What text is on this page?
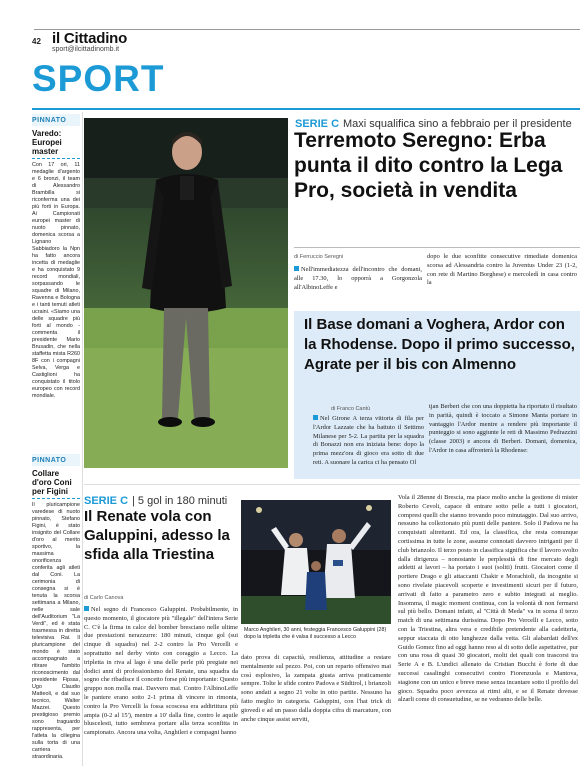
42 il Cittadino
sport@ilcittadinomb.it
SPORT
PINNATO
Varedo: Europei master
Con 17 ori, 11 medaglie d'argento e 6 bronzi, il team di Alessandro Brambilla si riconferma una dei più forti in Europa. Ai Campionati europei master di nuoto pinnato, domenica scorsa a Lignano Sabbiadoro la Npn ha fatto ancora incetta di medaglie e ha conquistato 9 record mondiali, sorpassando le squadre di Milano, Ravenna e Bologna e i tanti temuti atleti ucraini. «Siamo una delle squadre più forti al mondo - commenta il presidente Mario Brusadin, che nella staffetta mista R260 8F con i compagni Selva, Verga e Castiglioni ha conquistato il titolo europeo con record mondiale.
PINNATO
Collare d'oro Coni per Figini
Il pluricampione varedese di nuoto pinnato, Stefano Figini, è stato insignito del Collare d'oro al merito sportivo, la massima onorificenza conferita agli atleti dal Coni. La cerimonia di consegna si è tenuta la scorsa settimana a Milano, nelle sale dell'Auditorium "La Verdi", ed è stata trasmessa in diretta televisiva Rai. Il pluricampione del mondo è stato accompagnato a ritirare l'ambito riconoscimento dal presidente Fipsas, Ugo Claudio Matteoli, e dal suo tecnico, Walter Mazzei. Questo prestigioso premio sono traguardo rappresenta, per l'atleta la ciliegina sulla torta di una carriera straordinaria.
SERIE C Maxi squalifica sino a febbraio per il presidente
Terremoto Seregno: Erba punta il dito contro la Lega Pro, società in vendita
di Ferruccio Seregni
Nell'immediatezza dell'incontro che domani, alle 17.30, lo opporrà a Gorgonzola all'AlbinoLeffe e
dopo le due sconfitte consecutive rimediate domenica scorsa ad Alessandria contro la Juventus Under 23 (1-2, con rete di Martino Borghese) e mercoledì in casa contro la
Il Base domani a Voghera, Ardor con la Rhodense. Dopo il primo successo, Agrate per il bis con Almenno
di Franco Cantù
Nel Girone A terza vittoria di fila per l'Ardor Lazzate che ha battuto il Settimo Milanese per 5-2. La partita per la squadra di Bonazzi non era iniziata bene: dopo la prima mezz'ora di gioco era sotto di due reti. A suonare la carica ci ha pensato Ol
tjan Berberi che con una doppietta ha riportato il risultato in parità, quindi è toccato a Simone Manta portare in vantaggio l'Ardor mentre a rendere più importante il punteggio si sono aggiunte le reti di Massimo Pedrazzini (classe 2003) e ancora di Berberi. Domani, domenica, l'Ardor in casa affronterà la Rhodense:
SERIE C | 5 gol in 180 minuti
Il Renate vola con Galuppini, adesso la sfida alla Triestina
di Carlo Canova
Nel segno di Francesco Galuppini. Probabilmente, in questo momento, il giocatore più "illegale" dell'intera Serie C. C'è la firma in calce del bomber bresciano nelle ultime due prestazioni nerazzurre: 180 minuti, cinque gol (sui cinque di squadra) nel 2-2 contro la Pro Vercelli e soprattutto nel derby vinto con coraggio a Lecco. La tripletta in riva al lago è una delle perle più pregiate nei dodici anni di professionismo del Renate, una squadra da sogno che ribadisce il concetto forse più importante: Questo gruppo non molla mai. Davvero mai. Contro l'AlbinoLeffe le pantere erano sotto 2-1 prima di vincere in rimonta, contro la Pro Vercelli la fossa scoscesa era addirittura più ampia (0-2 al 15'), mentre a 10' dalla fine, contro le aquile bluscelesti, tutto sembrava portare alla terza sconfitta in campionato. Ancora una volta, Anghileri e compagni hanno
Marco Anghileri, 30 anni, festeggia Francesco Galuppini (28) dopo la tripletta che è valsa il successo a Lecco
dato prova di capacità, resilienza, attitudine a restare mentalmente sul pezzo. Poi, con un reparto offensivo mai così esplosivo, la zampata giusta arriva praticamente sempre. Tolte le sfide contro Padova e Südtirol, i brianzoli sono andati a segno 21 volte in otto partite. Nessuno ha fatto meglio in categoria. Galuppini, con l'hat trick di giovedì e ad un passo dalla doppia cifra di marcature, con anche cinque assist serviti,
Vola il 28enne di Brescia, ma piace molto anche la gestione di mister Roberto Cevoli, capace di entrare sotto pelle a tutti i giocatori, compresi quelli che stanno trovando poco minutaggio. Dal suo arrivo, nessuno ha collezionato più punti delle pantere. Solo il Padova ne ha conquistati altrettanti. Ed ora, la classifica, che resta comunque cortissima in tutte le zone, assume connotati davvero intriganti per il club brianzolo. Il terzo posto in classifica significa che il lavoro svolto dalla dirigenza – nonostante le perplessità di fine mercato degli addetti ai lavori – ha portato i suoi (soliti) frutti. Giocatori come il portiere Drago e gli attaccanti Chakir e Morachioli, da incognite si sono rivelate piacevoli scoperte e investimenti sicuri per il futuro, arrivati di fatto a parametro zero e subito integrati ai meglio. Insomma, il magic moment continua, con la volontà di non fermarsi sul più bello. Domani infatti, al "Città di Meda" va in scena il terzo match di una settimana durissima. Dopo Pro Vercelli e Lecco, sotto con la Triestina, altra vera e credibile pretendente alla cadetteria, seppur staccata di otto lunghezze dalla vetta. Gli alabardati dell'ex Guido Gomez fino ad oggi hanno reso al di sotto delle aspettative, pur con una rosa di quasi 30 giocatori, molti dei quali con trascorsi tra Serie A e B. L'undici allenato da Cristian Bucchi è forte di due successi casalinghi consecutivi contro Fiorenzuola e Mantova, stagione con un unico e breve mese senza incantare sotto il profilo del gioco. Squadra poco avvezza ai ritmi alti, e se il Renate dovesse alzarli come di consuetudine, se ne vedranno delle belle.
